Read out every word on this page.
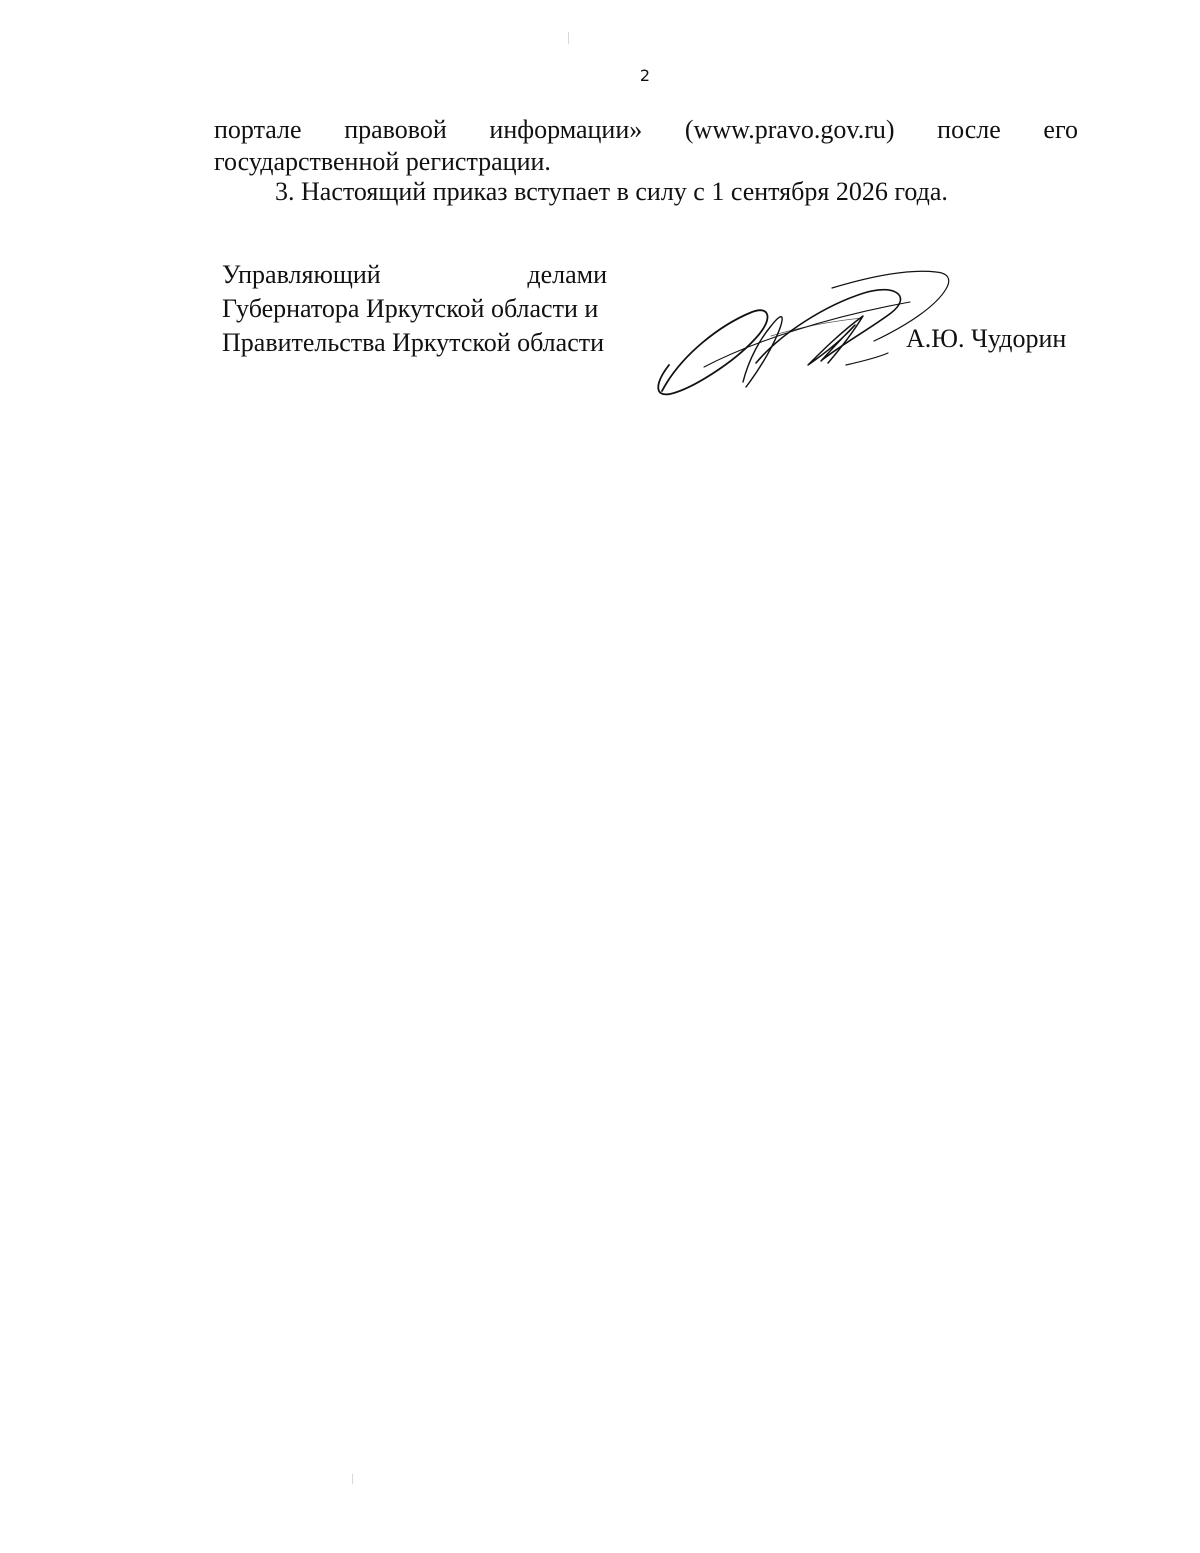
2
портале правовой информации» (www.pravo.gov.ru) после его
государственной регистрации.
3. Настоящий приказ вступает в силу с 1 сентября 2026 года.
Управляющий	делами
Губернатора Иркутской области и
Правительства Иркутской области	А.Ю. Чудорин
